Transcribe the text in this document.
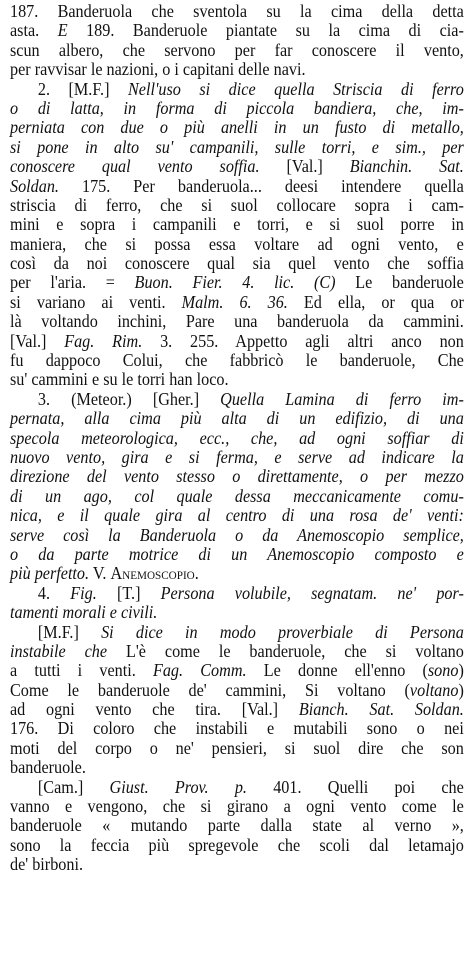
187. Banderuola che sventola su la cima della detta
asta. E 189. Banderuole piantate su la cima di cia-
scun albero, che servono per far conoscere il vento,
per ravvisar le nazioni, o i capitani delle navi.
2. [M.F.] Nell'uso si dice quella Striscia di ferro
o di latta, in forma di piccola bandiera, che, im-
perniata con due o più anelli in un fusto di metallo,
si pone in alto su' campanili, sulle torri, e sim., per
conoscere qual vento soffia. [Val.] Bianchin. Sat.
Soldan. 175. Per banderuola... deesi intendere quella
striscia di ferro, che si suol collocare sopra i cam-
mini e sopra i campanili e torri, e si suol porre in
maniera, che si possa essa voltare ad ogni vento, e
così da noi conoscere qual sia quel vento che soffia
per l'aria. = Buon. Fier. 4. lic. (C) Le banderuole
si variano ai venti. Malm. 6. 36. Ed ella, or qua or
là voltando inchini, Pare una banderuola da cammini.
[Val.] Fag. Rim. 3. 255. Appetto agli altri anco non
fu dappoco Colui, che fabbricò le banderuole, Che
su' cammini e su le torri han loco.
3. (Meteor.) [Gher.] Quella Lamina di ferro im-
pernata, alla cima più alta di un edifizio, di una
specola meteorologica, ecc., che, ad ogni soffiar di
nuovo vento, gira e si ferma, e serve ad indicare la
direzione del vento stesso o direttamente, o per mezzo
di un ago, col quale dessa meccanicamente comu-
nica, e il quale gira al centro di una rosa de' venti:
serve così la Banderuola o da Anemoscopio semplice,
o da parte motrice di un Anemoscopio composto e
più perfetto. V. Anemoscopio.
4. Fig. [T.] Persona volubile, segnatam. ne' por-
tamenti morali e civili.
[M.F.] Si dice in modo proverbiale di Persona
instabile che L'è come le banderuole, che si voltano
a tutti i venti. Fag. Comm. Le donne ell'enno (sono)
Come le banderuole de' cammini, Si voltano (voltano)
ad ogni vento che tira. [Val.] Bianch. Sat. Soldan.
176. Di coloro che instabili e mutabili sono o nei
moti del corpo o ne' pensieri, si suol dire che son
banderuole.
[Cam.] Giust. Prov. p. 401. Quelli poi che
vanno e vengono, che si girano a ogni vento come le
banderuole « mutando parte dalla state al verno »,
sono la feccia più spregevole che scoli dal letamajo
de' birboni.
